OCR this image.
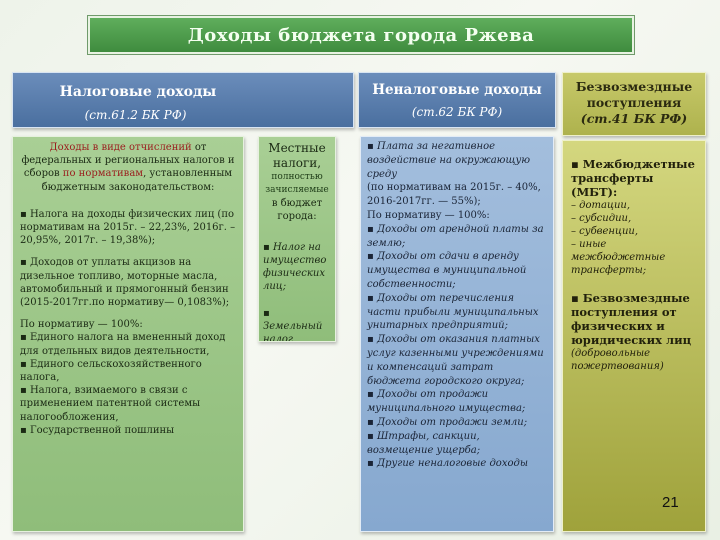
Доходы бюджета города Ржева
Налоговые доходы
(ст.61.2 БК РФ)
Неналоговые доходы
(ст.62 БК РФ)
Безвозмездные
поступления
(ст.41 БК РФ)

Доходы в виде отчислений от федеральных и региональных налогов и сборов по нормативам, установленным бюджетным законодательством:

▪ Налога на доходы физических лиц (по нормативам на 2015г. – 22,23%, 2016г. – 20,95%, 2017г. – 19,38%);

▪ Доходов от уплаты акцизов на дизельное топливо, моторные масла, автомобильный и прямогонный бензин

(2015-2017гг.по нормативу— 0,1083%);

По нормативу — 100%:
▪ Единого налога на вмененный доход для отдельных видов деятельности,
▪ Единого сельскохозяйственного налога,
▪ Налога, взимаемого в связи с применением патентной системы налогообложения,
▪ Государственной пошлины
Местные налоги,
полностью зачисляемые
в бюджет города:
▪ Налог на имущество физических лиц;
▪ Земельный налог
▪ Плата за негативное воздействие на окружающую среду
(по нормативам на 2015г. – 40%, 2016-2017гг. — 55%);
По нормативу — 100%:
▪ Доходы от арендной платы за землю;
▪ Доходы от сдачи в аренду имущества в муниципальной собственности;
▪ Доходы от перечисления части прибыли муниципальных унитарных предприятий;
▪ Доходы от оказания платных услуг казенными учреждениями и компенсаций затрат бюджета городского округа;
▪ Доходы от продажи муниципального имущества;
▪ Доходы от продажи земли;
▪ Штрафы, санкции, возмещение ущерба;
▪ Другие неналоговые доходы
▪ Межбюджетные трансферты (МБТ):
– дотации,
– субсидии,
– субвенции,
– иные межбюджетные трансферты;
▪ Безвозмездные поступления от физических и юридических лиц
(добровольные пожертвования)
21
